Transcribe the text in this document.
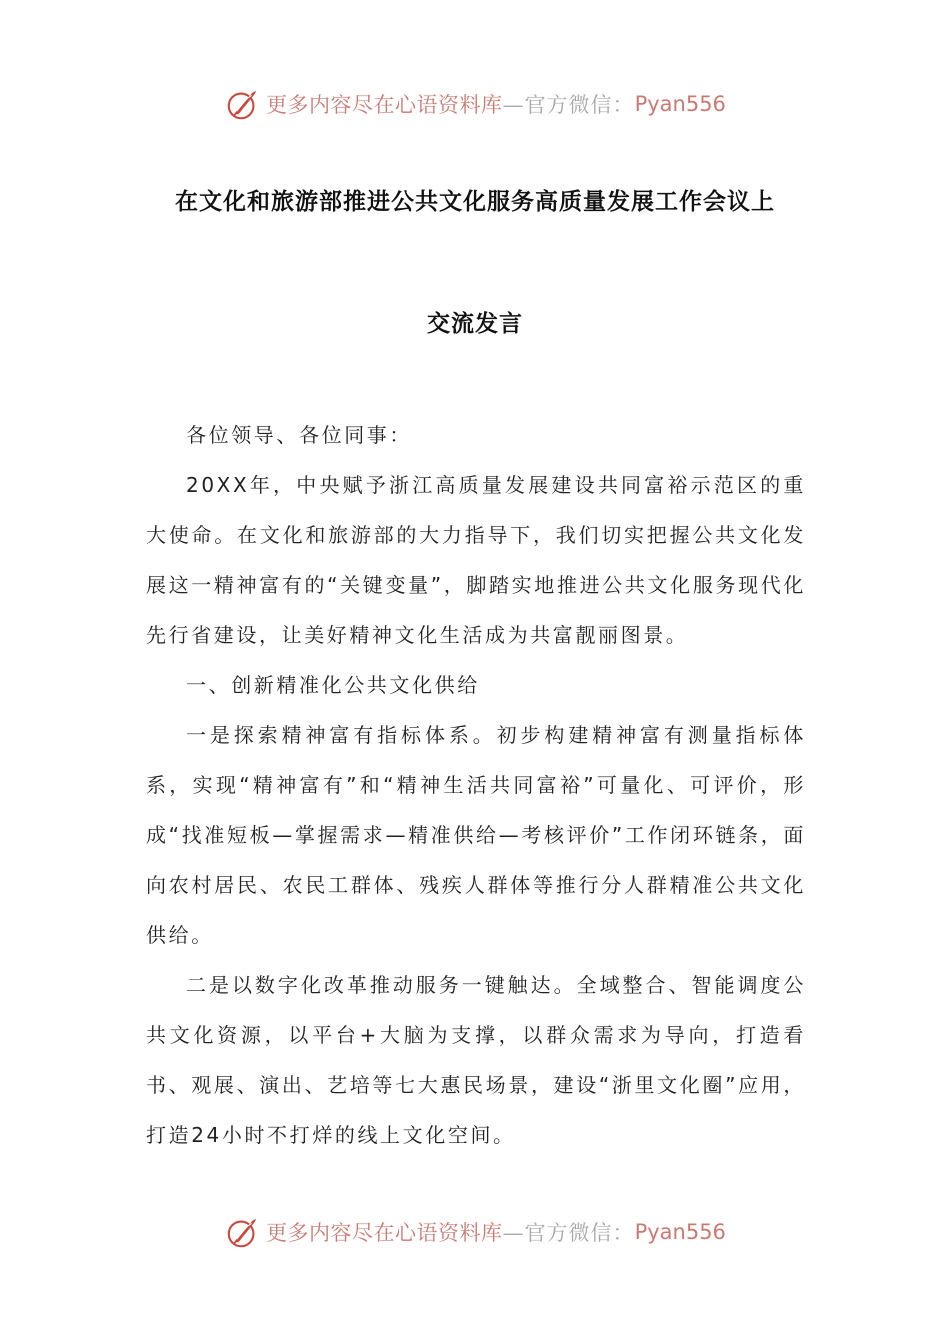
更多内容尽在心语资料库 —官方微信： Pyan556
在文化和旅游部推进公共文化服务高质量发展工作会议上
交流发言

各位领导、各位同事：

20XX年，中央赋予浙江高质量发展建设共同富裕示范区的重大使命。在文化和旅游部的大力指导下，我们切实把握公共文化发展这一精神富有的“关键变量”，脚踏实地推进公共文化服务现代化先行省建设，让美好精神文化生活成为共富靓丽图景。

一、创新精准化公共文化供给

一是探索精神富有指标体系。初步构建精神富有测量指标体系，实现“精神富有”和“精神生活共同富裕”可量化、可评价，形成“找准短板—掌握需求—精准供给—考核评价”工作闭环链条，面向农村居民、农民工群体、残疾人群体等推行分人群精准公共文化供给。

二是以数字化改革推动服务一键触达。全域整合、智能调度公共文化资源，以平台+大脑为支撑，以群众需求为导向，打造看书、观展、演出、艺培等七大惠民场景，建设“浙里文化圈”应用，打造24小时不打烊的线上文化空间。

更多内容尽在心语资料库 —官方微信： Pyan556
